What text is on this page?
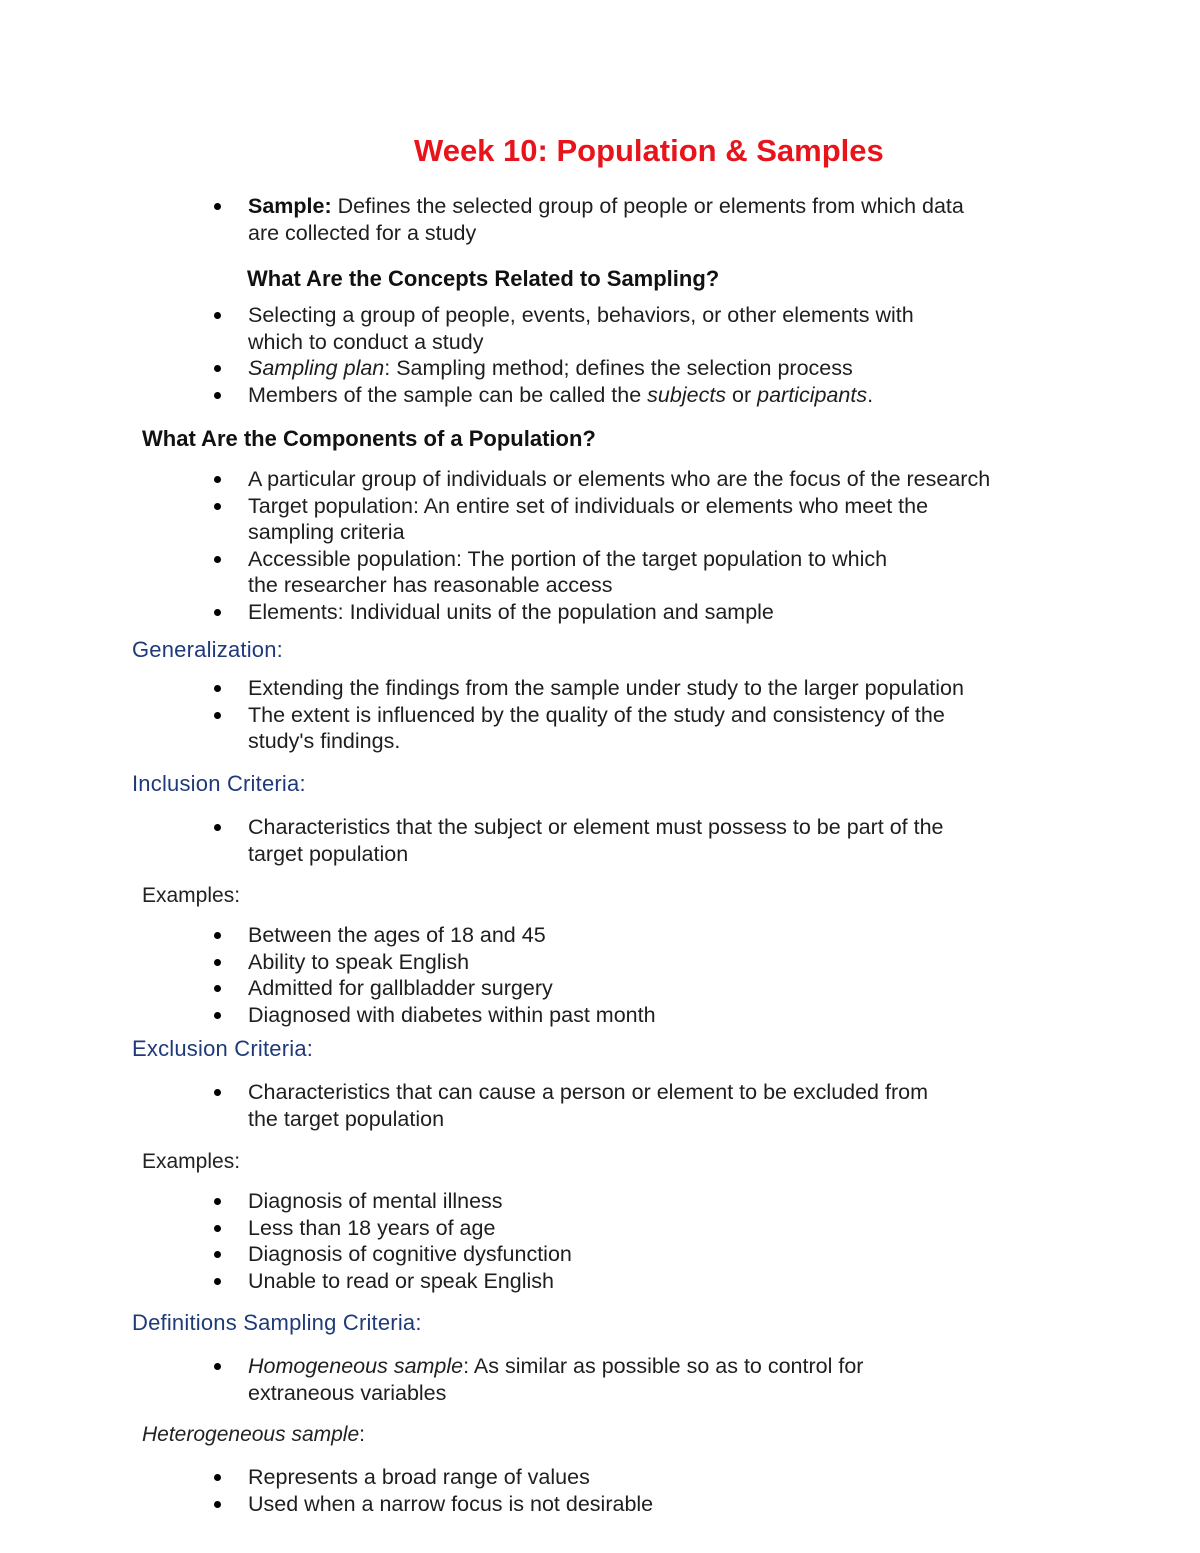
Week 10: Population & Samples
Sample: Defines the selected group of people or elements from which data
are collected for a study
What Are the Concepts Related to Sampling?
Selecting a group of people, events, behaviors, or other elements with
which to conduct a study
Sampling plan: Sampling method; defines the selection process
Members of the sample can be called the subjects or participants.
What Are the Components of a Population?
A particular group of individuals or elements who are the focus of the research
Target population: An entire set of individuals or elements who meet the
sampling criteria
Accessible population: The portion of the target population to which
the researcher has reasonable access
Elements: Individual units of the population and sample
Generalization:
Extending the findings from the sample under study to the larger population
The extent is influenced by the quality of the study and consistency of the
study's findings.
Inclusion Criteria:
Characteristics that the subject or element must possess to be part of the
target population

Examples:

Between the ages of 18 and 45
Ability to speak English
Admitted for gallbladder surgery
Diagnosed with diabetes within past month
Exclusion Criteria:
Characteristics that can cause a person or element to be excluded from
the target population

Examples:

Diagnosis of mental illness
Less than 18 years of age
Diagnosis of cognitive dysfunction
Unable to read or speak English
Definitions Sampling Criteria:
Homogeneous sample: As similar as possible so as to control for
extraneous variables

Heterogeneous sample:

Represents a broad range of values
Used when a narrow focus is not desirable
